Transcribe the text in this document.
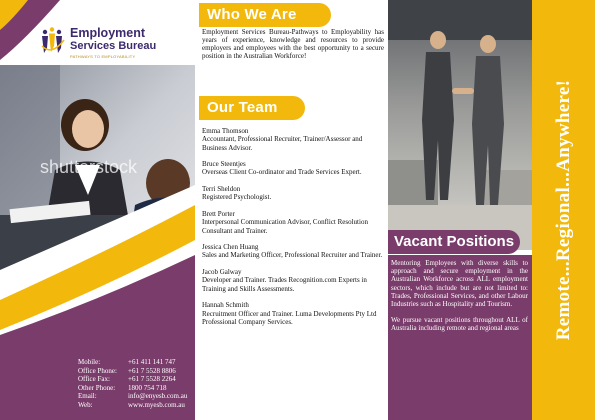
Employment
Services Bureau
PATHWAYS TO EMPLOYABILITY
shutterstock
Mobile:	+61 411 141 747
Office Phone:	+61 7 5528 8806
Office Fax:	+61 7 5528 2264
Other Phone:	1800 754 718
Email:	info@enyesb.com.au
Web:	www.myesb.com.au
Who We Are
Employment Services Bureau-Pathways to Employability has years of experience, knowledge and resources to provide employers and employees with the best opportunity to a secure position in the Australian Workforce!
Our Team
Emma Thomson
Accountant, Professional Recruiter, Trainer/Assessor and Business Advisor.
Bruce Steentjes
Overseas Client Co-ordinator and Trade Services Expert.
Terri Sheldon
Registered Psychologist.
Brett Porter
Interpersonal Communication Advisor, Conflict Resolution Consultant and Trainer.
Jessica Chen Huang
Sales and Marketing Officer, Professional Recruiter and Trainer.
Jacob Galway
Developer and Trainer. Trades Recognition.com Experts in Training and Skills Assessments.
Hannah Schmith
Recruitment Officer and Trainer. Luma Developments Pty Ltd Professional Company Services.
Vacant Positions

Mentoring Employees with diverse skills to approach and secure employment in the Australian Workforce across ALL employment sectors, which include but are not limited to: Trades, Professional Services, and other Labour Industries such as Hospitality and Tourism.

We pursue vacant positions throughout ALL of Australia including remote and regional areas	Remote...Regional...Anywhere!
